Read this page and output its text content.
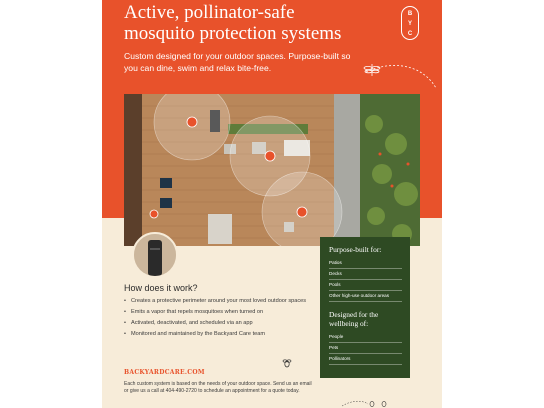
Active, pollinator-safe
mosquito protection systems
B
Y
C
Custom designed for your outdoor spaces. Purpose-built so you can dine, swim and relax bite-free.
How does it work?
• Creates a protective perimeter around your most loved outdoor spaces
• Emits a vapor that repels mosquitoes when turned on
• Activated, deactivated, and scheduled via an app
• Monitored and maintained by the Backyard Care team
BACKYARDCARE.COM
Each custom system is based on the needs of your outdoor space. Send us an email or give us a call at 404-490-2720 to schedule an appointment for a quote today.
Purpose-built for:
Patios
Decks
Pools
Other high-use outdoor areas
Designed for the wellbeing of:
People
Pets
Pollinators
